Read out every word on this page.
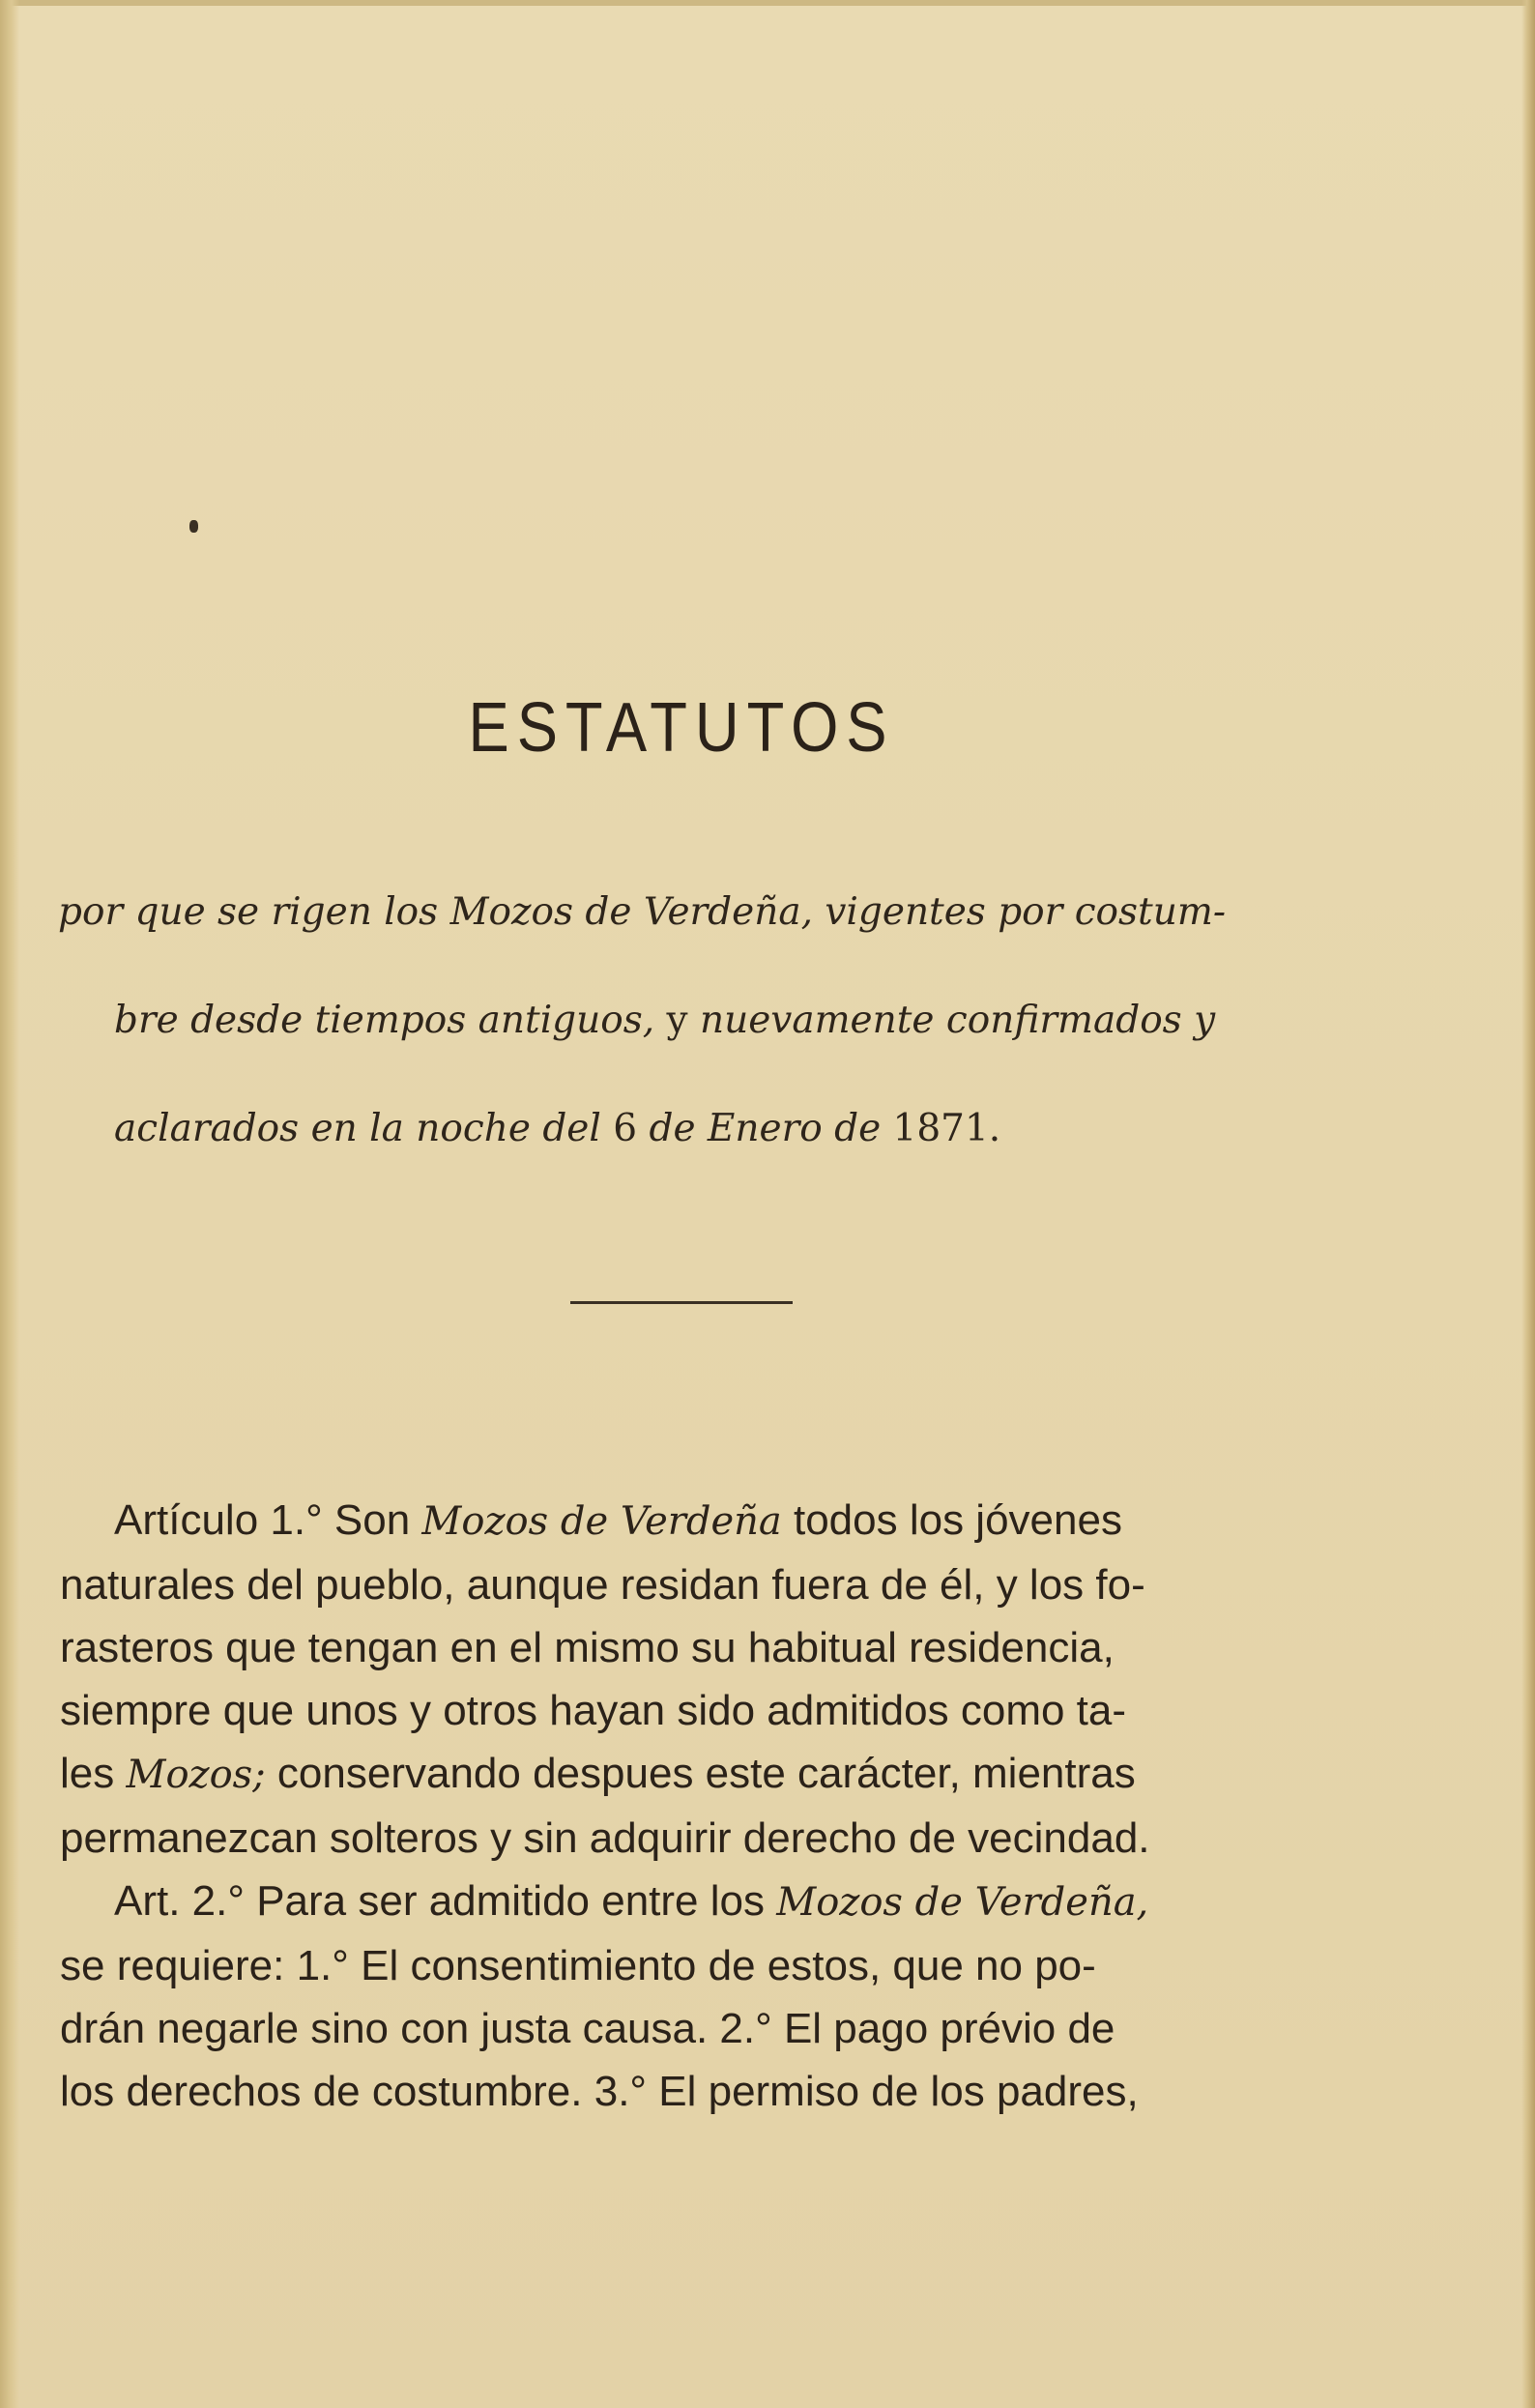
ESTATUTOS
por que se rigen los Mozos de Verdeña, vigentes por costum-
bre desde tiempos antiguos, y nuevamente confirmados y
aclarados en la noche del 6 de Enero de 1871.
Artículo 1.° Son Mozos de Verdeña todos los jóvenes
naturales del pueblo, aunque residan fuera de él, y los fo-
rasteros que tengan en el mismo su habitual residencia,
siempre que unos y otros hayan sido admitidos como ta-
les Mozos; conservando despues este carácter, mientras
permanezcan solteros y sin adquirir derecho de vecindad.
Art. 2.° Para ser admitido entre los Mozos de Verdeña,
se requiere: 1.° El consentimiento de estos, que no po-
drán negarle sino con justa causa. 2.° El pago prévio de
los derechos de costumbre. 3.° El permiso de los padres,
